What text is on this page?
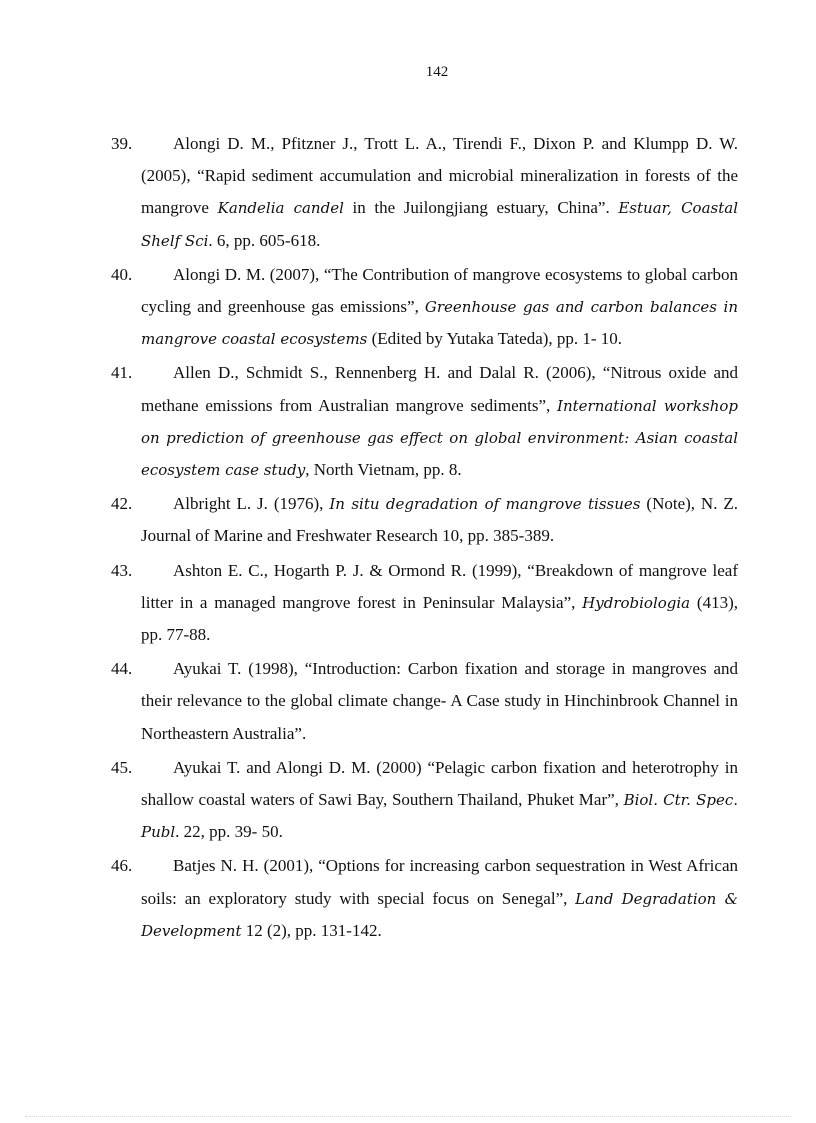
142
39.	Alongi D. M., Pfitzner J., Trott L. A., Tirendi F., Dixon P. and Klumpp D. W. (2005), “Rapid sediment accumulation and microbial mineralization in forests of the mangrove Kandelia candel in the Juilongjiang estuary, China”. Estuar, Coastal Shelf Sci. 6, pp. 605-618.
40.	Alongi D. M. (2007), “The Contribution of mangrove ecosystems to global carbon cycling and greenhouse gas emissions”, Greenhouse gas and carbon balances in mangrove coastal ecosystems (Edited by Yutaka Tateda), pp. 1- 10.
41.	Allen D., Schmidt S., Rennenberg H. and Dalal R. (2006), “Nitrous oxide and methane emissions from Australian mangrove sediments”, International workshop on prediction of greenhouse gas effect on global environment: Asian coastal ecosystem case study, North Vietnam, pp. 8.
42.	Albright L. J. (1976), In situ degradation of mangrove tissues (Note), N. Z. Journal of Marine and Freshwater Research 10, pp. 385-389.
43.	Ashton E. C., Hogarth P. J. & Ormond R. (1999), “Breakdown of mangrove leaf litter in a managed mangrove forest in Peninsular Malaysia”, Hydrobiologia (413), pp. 77-88.
44.	Ayukai T. (1998), “Introduction: Carbon fixation and storage in mangroves and their relevance to the global climate change- A Case study in Hinchinbrook Channel in Northeastern Australia”.
45.	Ayukai T. and Alongi D. M. (2000) “Pelagic carbon fixation and heterotrophy in shallow coastal waters of Sawi Bay, Southern Thailand, Phuket Mar”, Biol. Ctr. Spec. Publ. 22, pp. 39- 50.
46.	Batjes N. H. (2001), “Options for increasing carbon sequestration in West African soils: an exploratory study with special focus on Senegal”, Land Degradation & Development 12 (2), pp. 131-142.
